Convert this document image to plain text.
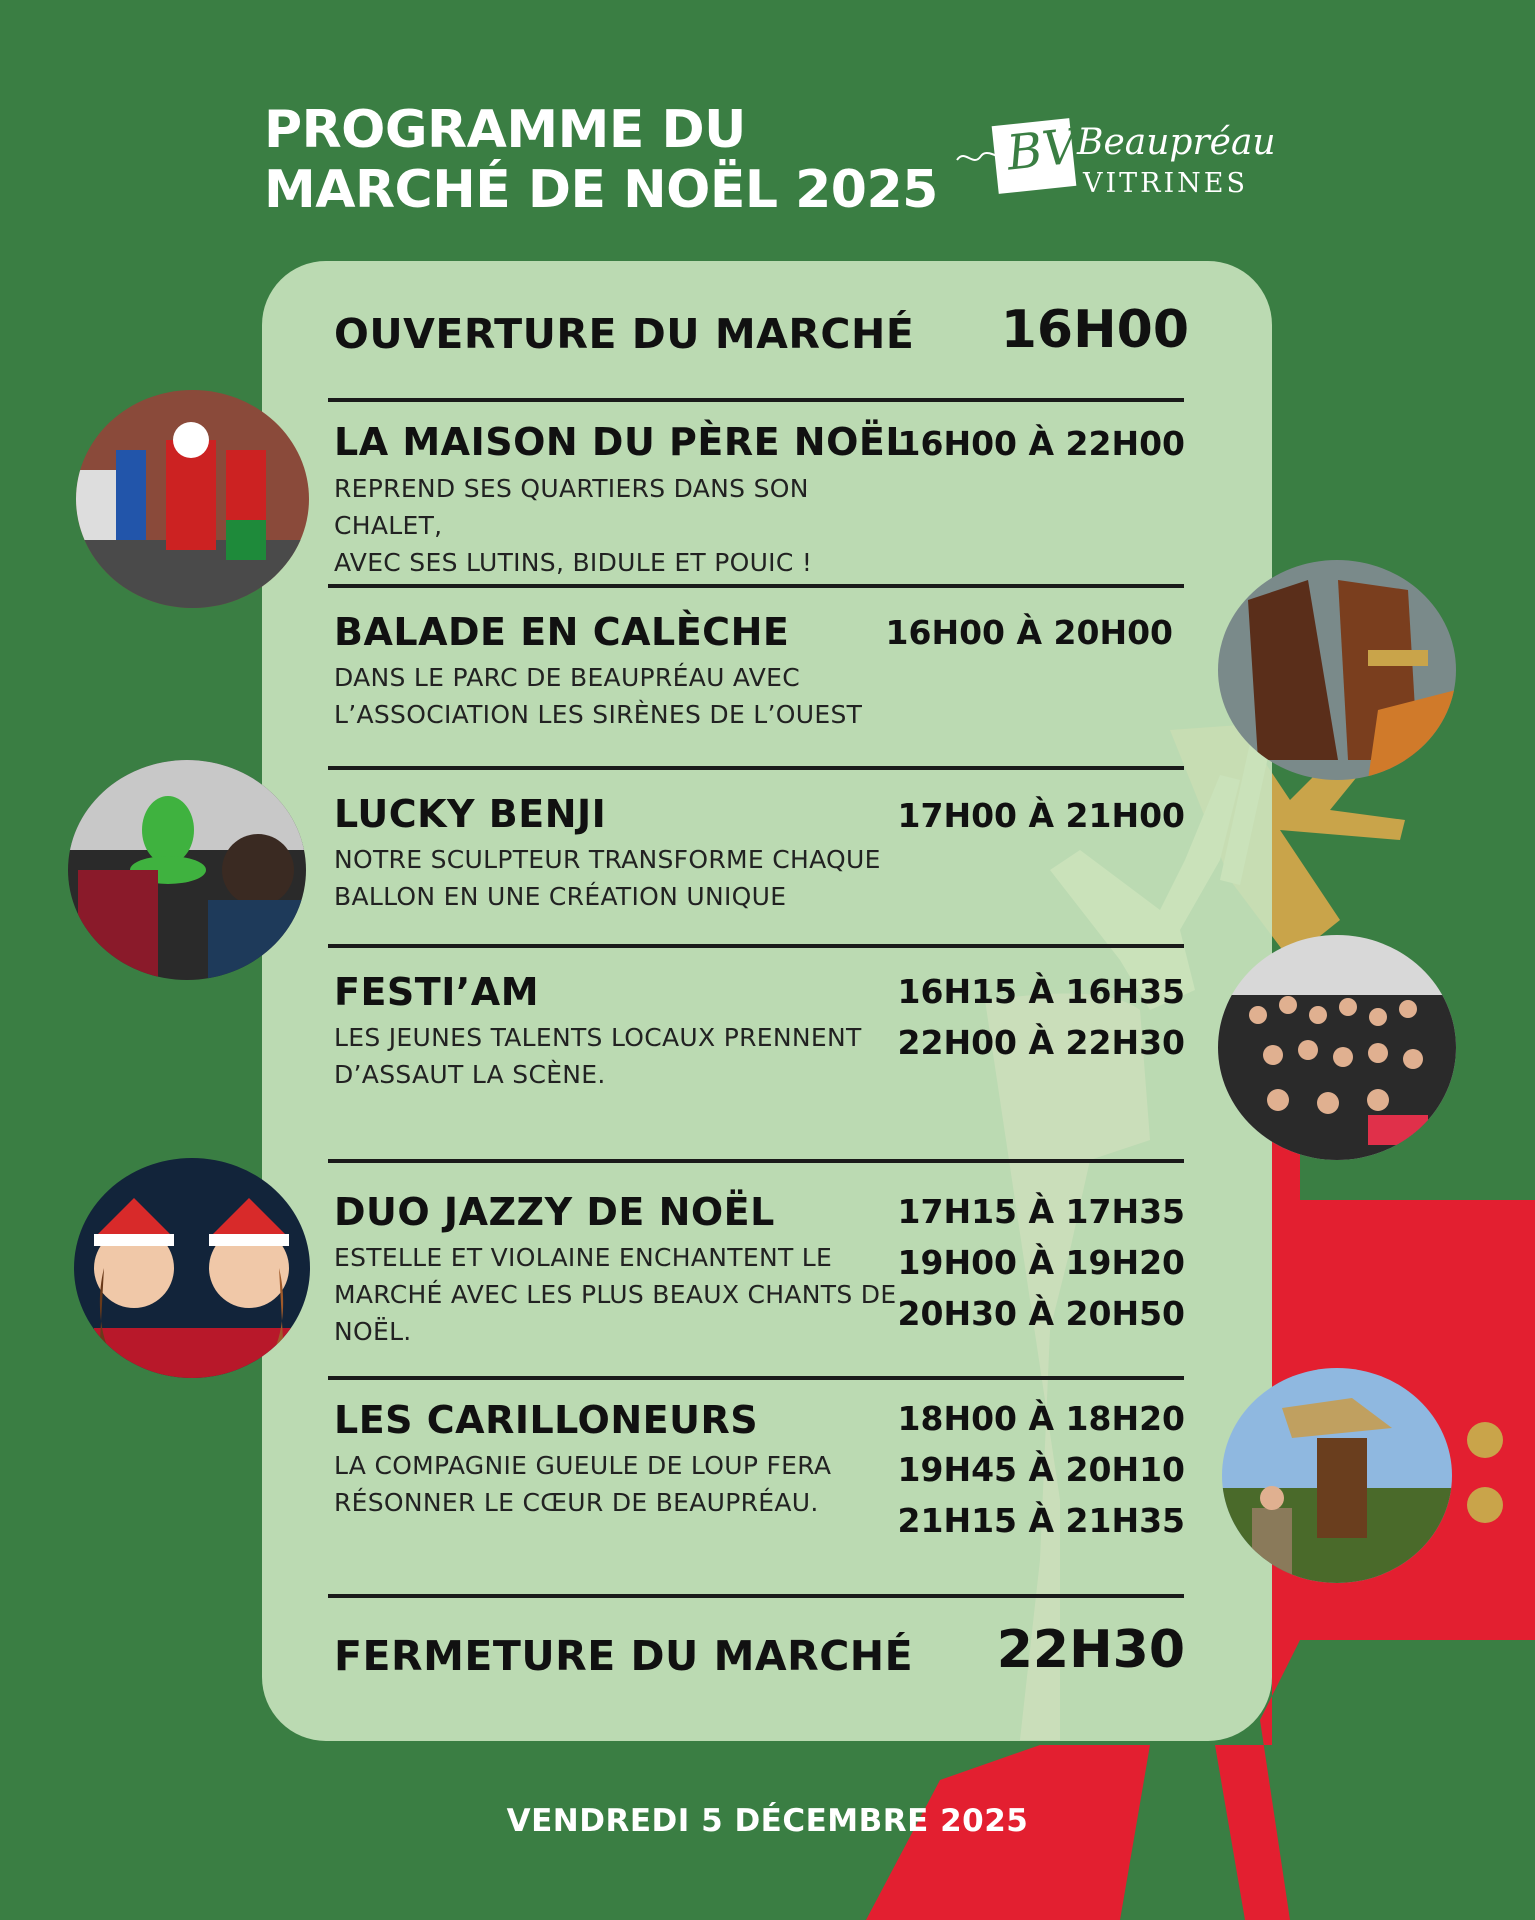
PROGRAMME DU
MARCHÉ DE NOËL 2025
BV
Beaupréau
VITRINES
OUVERTURE DU MARCHÉ 16H00
LA MAISON DU PÈRE NOËL
16H00 À 22H00

REPREND SES QUARTIERS DANS SON CHALET,
AVEC SES LUTINS, BIDULE ET POUIC !

BALADE EN CALÈCHE	16H00 À 20H00

DANS LE PARC DE BEAUPRÉAU AVEC
L’ASSOCIATION LES SIRÈNES DE L’OUEST

LUCKY BENJI	17H00 À 21H00

NOTRE SCULPTEUR TRANSFORME CHAQUE
BALLON EN UNE CRÉATION UNIQUE

FESTI’AM	16H15 À 16H35
22H00 À 22H30

LES JEUNES TALENTS LOCAUX PRENNENT
D’ASSAUT LA SCÈNE.

DUO JAZZY DE NOËL	17H15 À 17H35
19H00 À 19H20
20H30 À 20H50

ESTELLE ET VIOLAINE ENCHANTENT LE
MARCHÉ AVEC LES PLUS BEAUX CHANTS DE
NOËL.

LES CARILLONEURS	18H00 À 18H20
19H45 À 20H10
21H15 À 21H35

LA COMPAGNIE GUEULE DE LOUP FERA
RÉSONNER LE CŒUR DE BEAUPRÉAU.

FERMETURE DU MARCHÉ 22H30
VENDREDI 5 DÉCEMBRE 2025
